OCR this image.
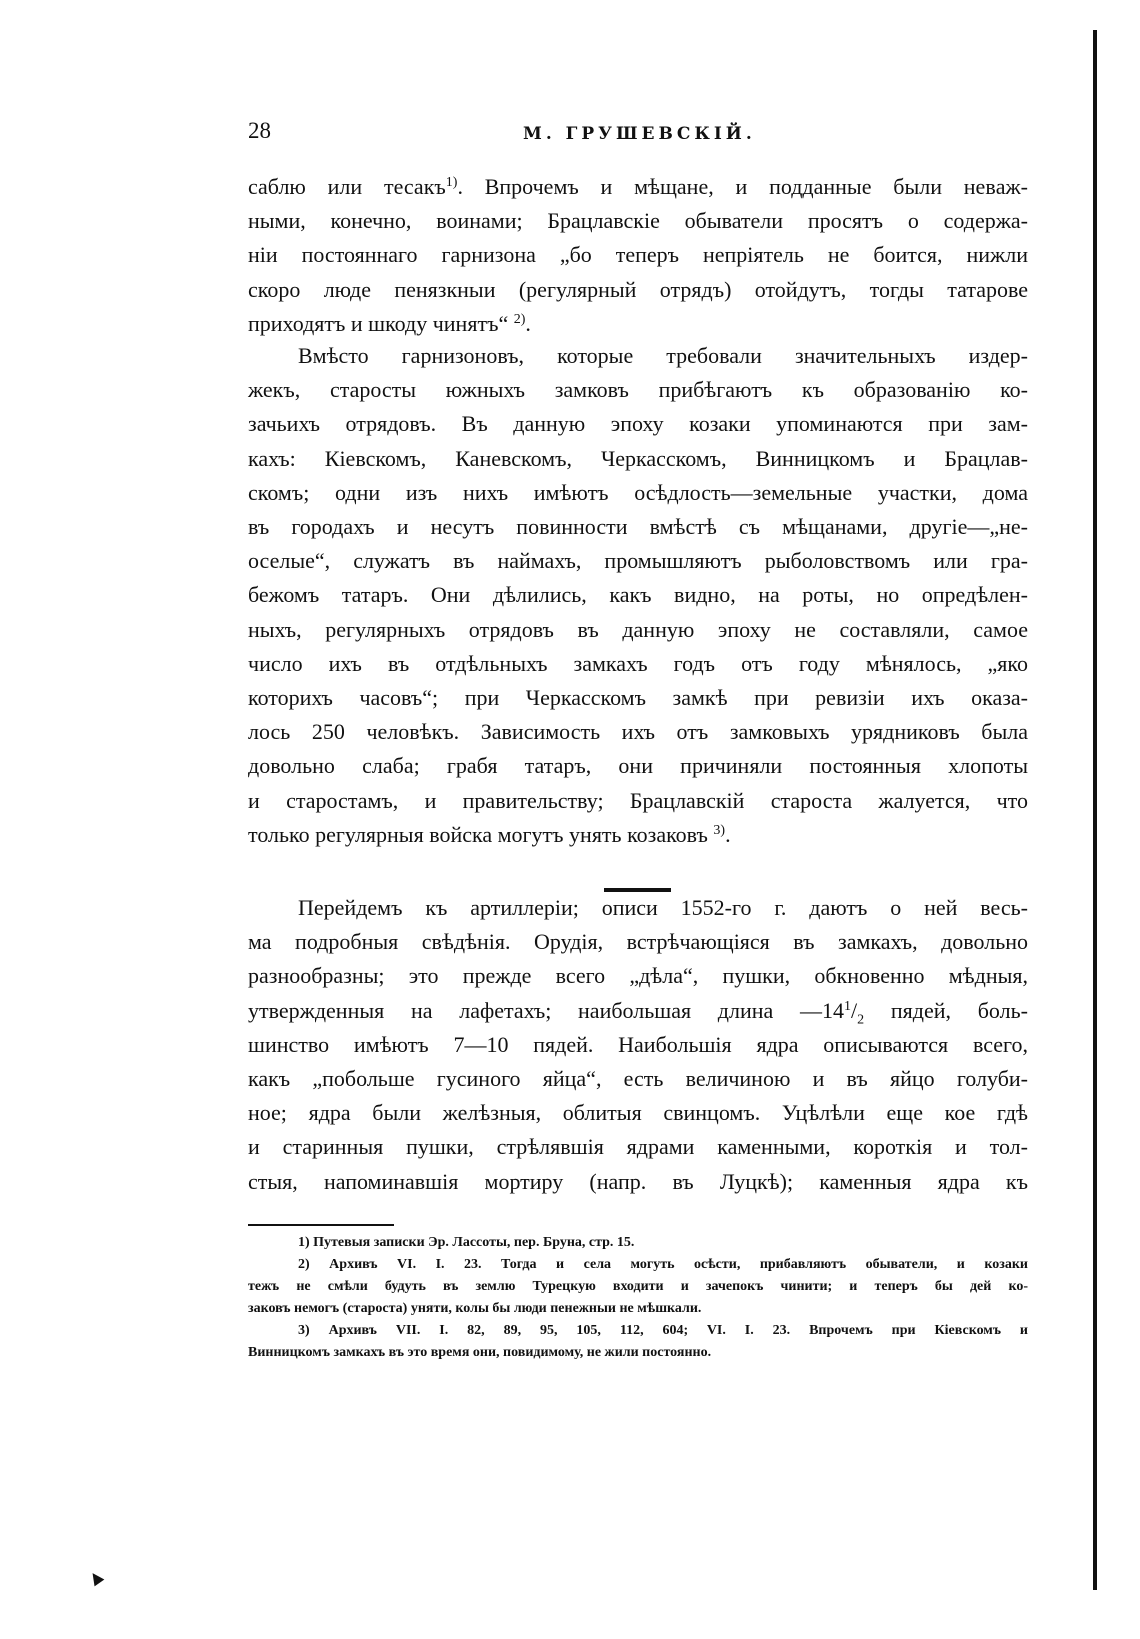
28	М. ГРУШЕВСКІЙ.

саблю или тесакъ$^{1)}$. Впрочемъ и мѣщане, и подданные были невaж-
ными, конечно, воинами; Брацлавскіе обыватели просятъ о содержа-
ніи постояннаго гарнизона „бо теперъ непріятель не боится, нижли
скоро люде пенязкныи (регулярный отрядъ) отойдутъ, тогды татарове
приходятъ и шкоду чинятъ“ $^{2)}$.

Вмѣсто гарнизоновъ, которые требовали значительныхъ издер-
жекъ, старосты южныхъ замковъ прибѣгаютъ къ образованію ко-
зачьихъ отрядовъ. Въ данную эпоху козаки упоминаются при зам-
кахъ: Кіевскомъ, Каневскомъ, Черкасскомъ, Винницкомъ и Брацлав-
скомъ; одни изъ нихъ имѣютъ осѣдлость—земельные участки, дома
въ городахъ и несутъ повинности вмѣстѣ съ мѣщанами, другіе—„не-
оселые“, служатъ въ наймахъ, промышляютъ рыболовствомъ или гра-
бежомъ татаръ. Они дѣлились, какъ видно, на роты, но опредѣлен-
ныхъ, регулярныхъ отрядовъ въ данную эпоху не составляли, самое
число ихъ въ отдѣльныхъ замкахъ годъ отъ году мѣнялось, „яко
которихъ часовъ“; при Черкасскомъ замкѣ при ревизіи ихъ оказа-
лось 250 человѣкъ. Зависимость ихъ отъ замковыхъ урядниковъ была
довольно слаба; грабя татаръ, они причиняли постоянныя хлопоты
и старостамъ, и правительству; Брацлавскій староста жалуется, что
только регулярныя войска могутъ унять козаковъ $^{3)}$.

Перейдемъ къ артиллеріи; описи 1552-го г. даютъ о ней весь-
ма подробныя свѣдѣнія. Орудія, встрѣчающіяся въ замкахъ, довольно
разнообразны; это прежде всего „дѣла“, пушки, обкновенно мѣдныя,
утвержденныя на лафетахъ; наибольшая длина $—14^1/_2$ пядей, боль-
шинство имѣютъ 7—10 пядей. Наибольшія ядра описываются всего,
какъ „побольше гусиного яйца“, есть величиною и въ яйцо голуби-
ное; ядра были желѣзныя, облитыя свинцомъ. Уцѣлѣли еще кое гдѣ
и старинныя пушки, стрѣлявшія ядрами каменными, короткія и тол-
стыя, напоминавшія мортиру (напр. въ Луцкѣ); каменныя ядра къ

1) Путевыя записки Эр. Лассоты, пер. Бруна, стр. 15.
2) Архивъ VI. I. 23. Тогда и села могуть осѣсти, прибавляютъ обыватели, и козаки
тежъ не смѣли будуть въ землю Турецкую входити и зачепокъ чинити; и теперъ бы дей ко-
заковъ немогъ (староста) уняти, колы бы люди пенежныи не мѣшкали.
3) Архивъ VII. I. 82, 89, 95, 105, 112, 604; VI. I. 23. Впрочемъ при Кіевскомъ и
Винницкомъ замкахъ въ это время они, повидимому, не жили постоянно.
